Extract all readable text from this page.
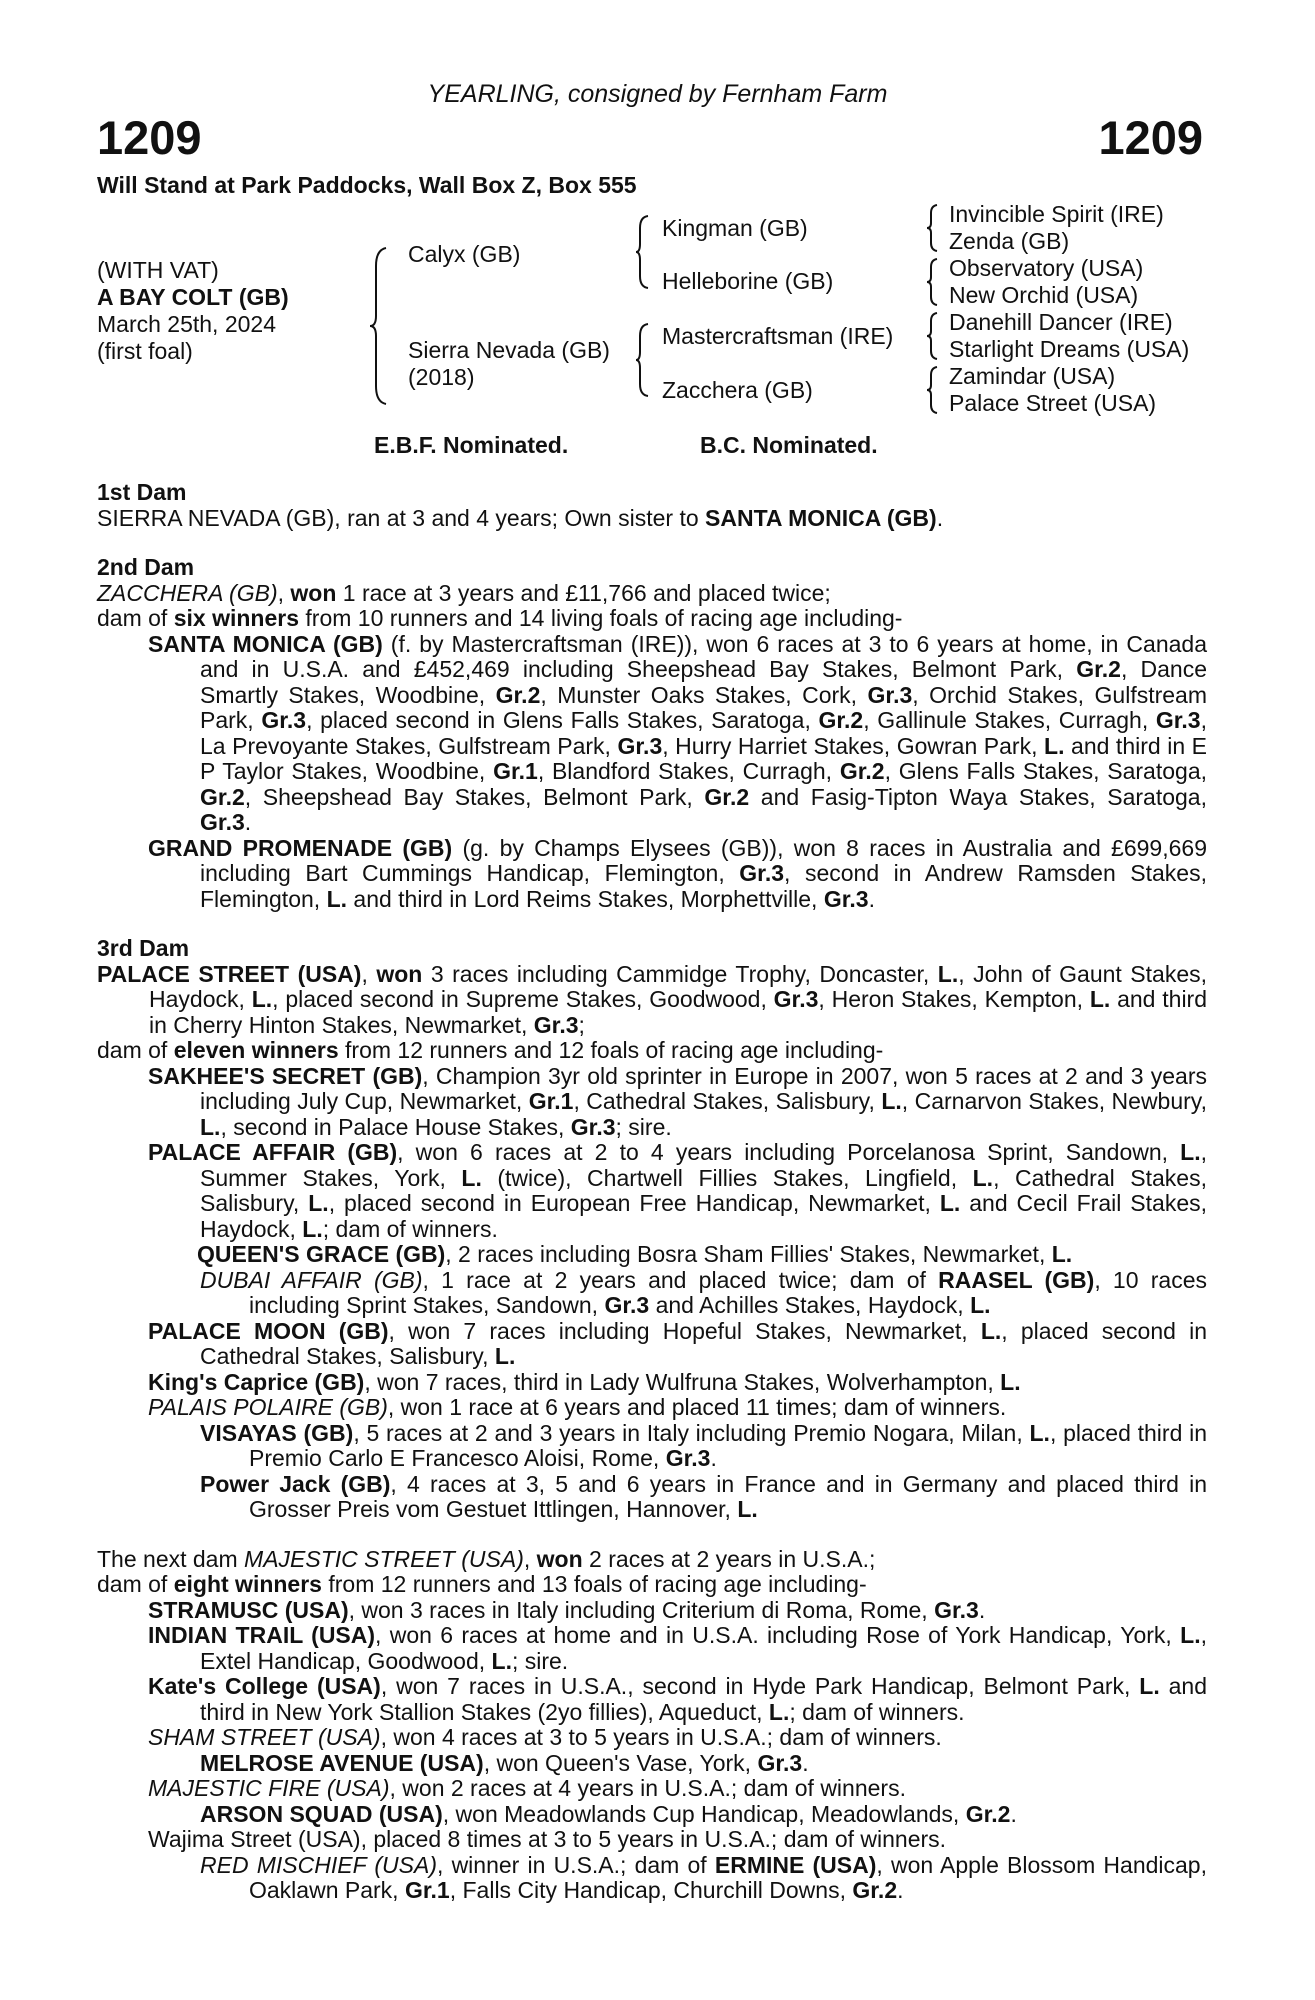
YEARLING, consigned by Fernham Farm
1209	1209
Will Stand at Park Paddocks, Wall Box Z, Box 555
(WITH VAT)
A BAY COLT (GB)
March 25th, 2024
(first foal)
Calyx (GB)
Sierra Nevada (GB)
(2018)
Kingman (GB)
Helleborine (GB)
Mastercraftsman (IRE)
Zacchera (GB)
Invincible Spirit (IRE)
Zenda (GB)
Observatory (USA)
New Orchid (USA)
Danehill Dancer (IRE)
Starlight Dreams (USA)
Zamindar (USA)
Palace Street (USA)
E.B.F. Nominated.	B.C. Nominated.

1st Dam

SIERRA NEVADA (GB), ran at 3 and 4 years; Own sister to SANTA MONICA (GB).

2nd Dam

ZACCHERA (GB), won 1 race at 3 years and £11,766 and placed twice;

dam of six winners from 10 runners and 14 living foals of racing age including-

SANTA MONICA (GB) (f. by Mastercraftsman (IRE)), won 6 races at 3 to 6 years at home, in Canada and in U.S.A. and £452,469 including Sheepshead Bay Stakes, Belmont Park, Gr.2, Dance Smartly Stakes, Woodbine, Gr.2, Munster Oaks Stakes, Cork, Gr.3, Orchid Stakes, Gulfstream Park, Gr.3, placed second in Glens Falls Stakes, Saratoga, Gr.2, Gallinule Stakes, Curragh, Gr.3, La Prevoyante Stakes, Gulfstream Park, Gr.3, Hurry Harriet Stakes, Gowran Park, L. and third in E P Taylor Stakes, Woodbine, Gr.1, Blandford Stakes, Curragh, Gr.2, Glens Falls Stakes, Saratoga, Gr.2, Sheepshead Bay Stakes, Belmont Park, Gr.2 and Fasig-Tipton Waya Stakes, Saratoga, Gr.3.

GRAND PROMENADE (GB) (g. by Champs Elysees (GB)), won 8 races in Australia and £699,669 including Bart Cummings Handicap, Flemington, Gr.3, second in Andrew Ramsden Stakes, Flemington, L. and third in Lord Reims Stakes, Morphettville, Gr.3.

3rd Dam

PALACE STREET (USA), won 3 races including Cammidge Trophy, Doncaster, L., John of Gaunt Stakes, Haydock, L., placed second in Supreme Stakes, Goodwood, Gr.3, Heron Stakes, Kempton, L. and third in Cherry Hinton Stakes, Newmarket, Gr.3;

dam of eleven winners from 12 runners and 12 foals of racing age including-

SAKHEE'S SECRET (GB), Champion 3yr old sprinter in Europe in 2007, won 5 races at 2 and 3 years including July Cup, Newmarket, Gr.1, Cathedral Stakes, Salisbury, L., Carnarvon Stakes, Newbury, L., second in Palace House Stakes, Gr.3; sire.

PALACE AFFAIR (GB), won 6 races at 2 to 4 years including Porcelanosa Sprint, Sandown, L., Summer Stakes, York, L. (twice), Chartwell Fillies Stakes, Lingfield, L., Cathedral Stakes, Salisbury, L., placed second in European Free Handicap, Newmarket, L. and Cecil Frail Stakes, Haydock, L.; dam of winners.

QUEEN'S GRACE (GB), 2 races including Bosra Sham Fillies' Stakes, Newmarket, L.

DUBAI AFFAIR (GB), 1 race at 2 years and placed twice; dam of RAASEL (GB), 10 races including Sprint Stakes, Sandown, Gr.3 and Achilles Stakes, Haydock, L.

PALACE MOON (GB), won 7 races including Hopeful Stakes, Newmarket, L., placed second in Cathedral Stakes, Salisbury, L.

King's Caprice (GB), won 7 races, third in Lady Wulfruna Stakes, Wolverhampton, L.

PALAIS POLAIRE (GB), won 1 race at 6 years and placed 11 times; dam of winners.

VISAYAS (GB), 5 races at 2 and 3 years in Italy including Premio Nogara, Milan, L., placed third in Premio Carlo E Francesco Aloisi, Rome, Gr.3.

Power Jack (GB), 4 races at 3, 5 and 6 years in France and in Germany and placed third in Grosser Preis vom Gestuet Ittlingen, Hannover, L.

The next dam MAJESTIC STREET (USA), won 2 races at 2 years in U.S.A.;

dam of eight winners from 12 runners and 13 foals of racing age including-

STRAMUSC (USA), won 3 races in Italy including Criterium di Roma, Rome, Gr.3.

INDIAN TRAIL (USA), won 6 races at home and in U.S.A. including Rose of York Handicap, York, L., Extel Handicap, Goodwood, L.; sire.

Kate's College (USA), won 7 races in U.S.A., second in Hyde Park Handicap, Belmont Park, L. and third in New York Stallion Stakes (2yo fillies), Aqueduct, L.; dam of winners.

SHAM STREET (USA), won 4 races at 3 to 5 years in U.S.A.; dam of winners.

MELROSE AVENUE (USA), won Queen's Vase, York, Gr.3.

MAJESTIC FIRE (USA), won 2 races at 4 years in U.S.A.; dam of winners.

ARSON SQUAD (USA), won Meadowlands Cup Handicap, Meadowlands, Gr.2.

Wajima Street (USA), placed 8 times at 3 to 5 years in U.S.A.; dam of winners.

RED MISCHIEF (USA), winner in U.S.A.; dam of ERMINE (USA), won Apple Blossom Handicap, Oaklawn Park, Gr.1, Falls City Handicap, Churchill Downs, Gr.2.
